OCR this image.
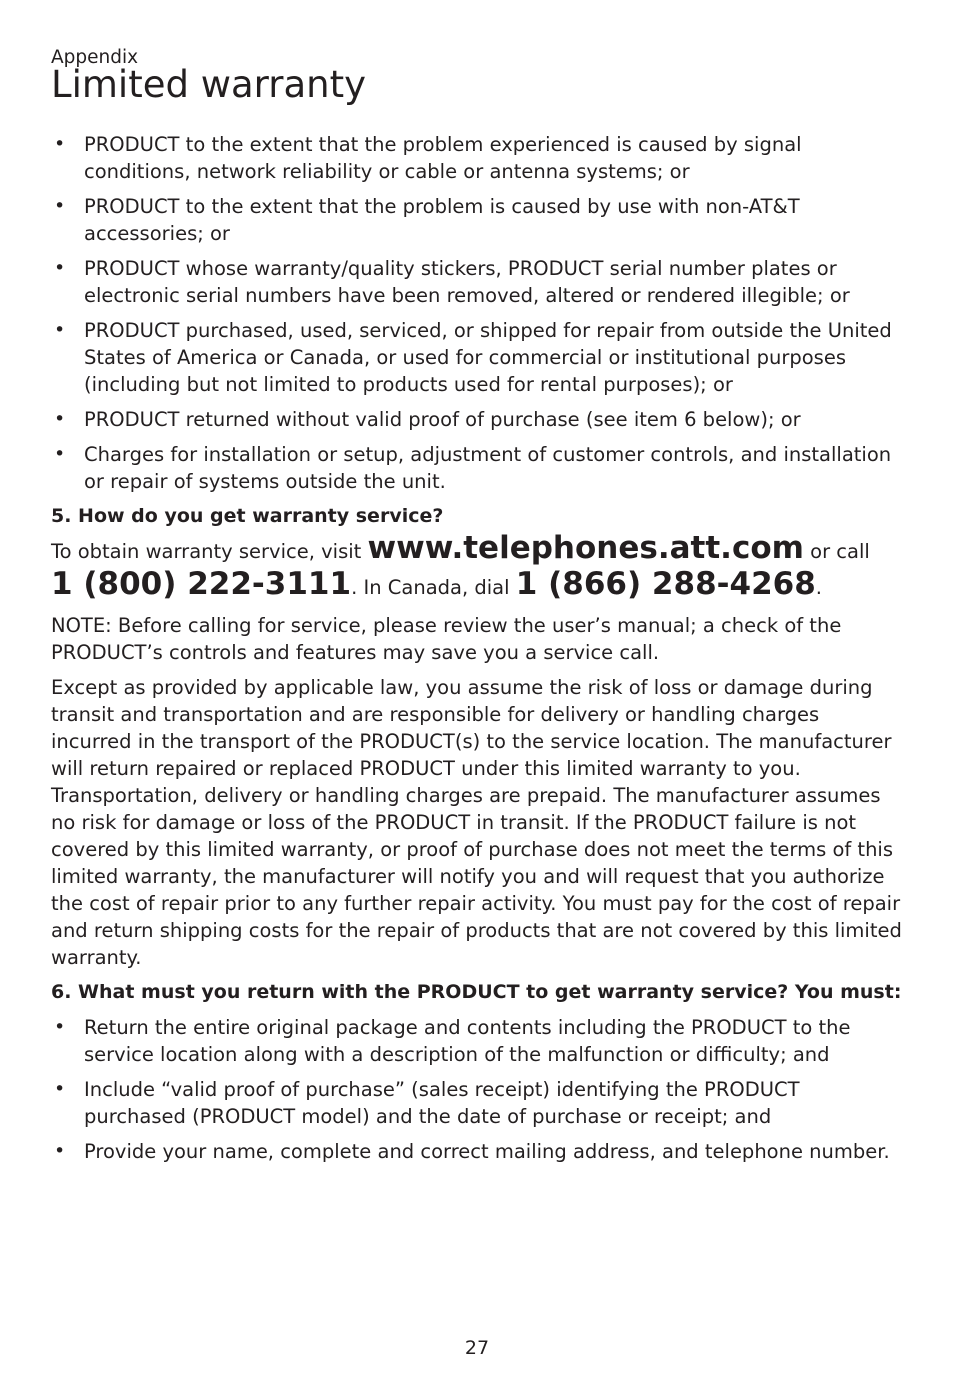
Appendix
Limited warranty
• PRODUCT to the extent that the problem experienced is caused by signal conditions, network reliability or cable or antenna systems; or
• PRODUCT to the extent that the problem is caused by use with non-AT&T accessories; or
• PRODUCT whose warranty/quality stickers, PRODUCT serial number plates or electronic serial numbers have been removed, altered or rendered illegible; or
• PRODUCT purchased, used, serviced, or shipped for repair from outside the United States of America or Canada, or used for commercial or institutional purposes (including but not limited to products used for rental purposes); or
• PRODUCT returned without valid proof of purchase (see item 6 below); or
• Charges for installation or setup, adjustment of customer controls, and installation or repair of systems outside the unit.
5. How do you get warranty service?

To obtain warranty service, visit www.telephones.att.com or call
1 (800) 222-3111. In Canada, dial 1 (866) 288-4268.

NOTE: Before calling for service, please review the user’s manual; a check of the PRODUCT’s controls and features may save you a service call.

Except as provided by applicable law, you assume the risk of loss or damage during transit and transportation and are responsible for delivery or handling charges incurred in the transport of the PRODUCT(s) to the service location. The manufacturer will return repaired or replaced PRODUCT under this limited warranty to you. Transportation, delivery or handling charges are prepaid. The manufacturer assumes no risk for damage or loss of the PRODUCT in transit. If the PRODUCT failure is not covered by this limited warranty, or proof of purchase does not meet the terms of this limited warranty, the manufacturer will notify you and will request that you authorize the cost of repair prior to any further repair activity. You must pay for the cost of repair and return shipping costs for the repair of products that are not covered by this limited warranty.

6. What must you return with the PRODUCT to get warranty service? You must:
• Return the entire original package and contents including the PRODUCT to the service location along with a description of the malfunction or difficulty; and
• Include “valid proof of purchase” (sales receipt) identifying the PRODUCT purchased (PRODUCT model) and the date of purchase or receipt; and
• Provide your name, complete and correct mailing address, and telephone number.
27
